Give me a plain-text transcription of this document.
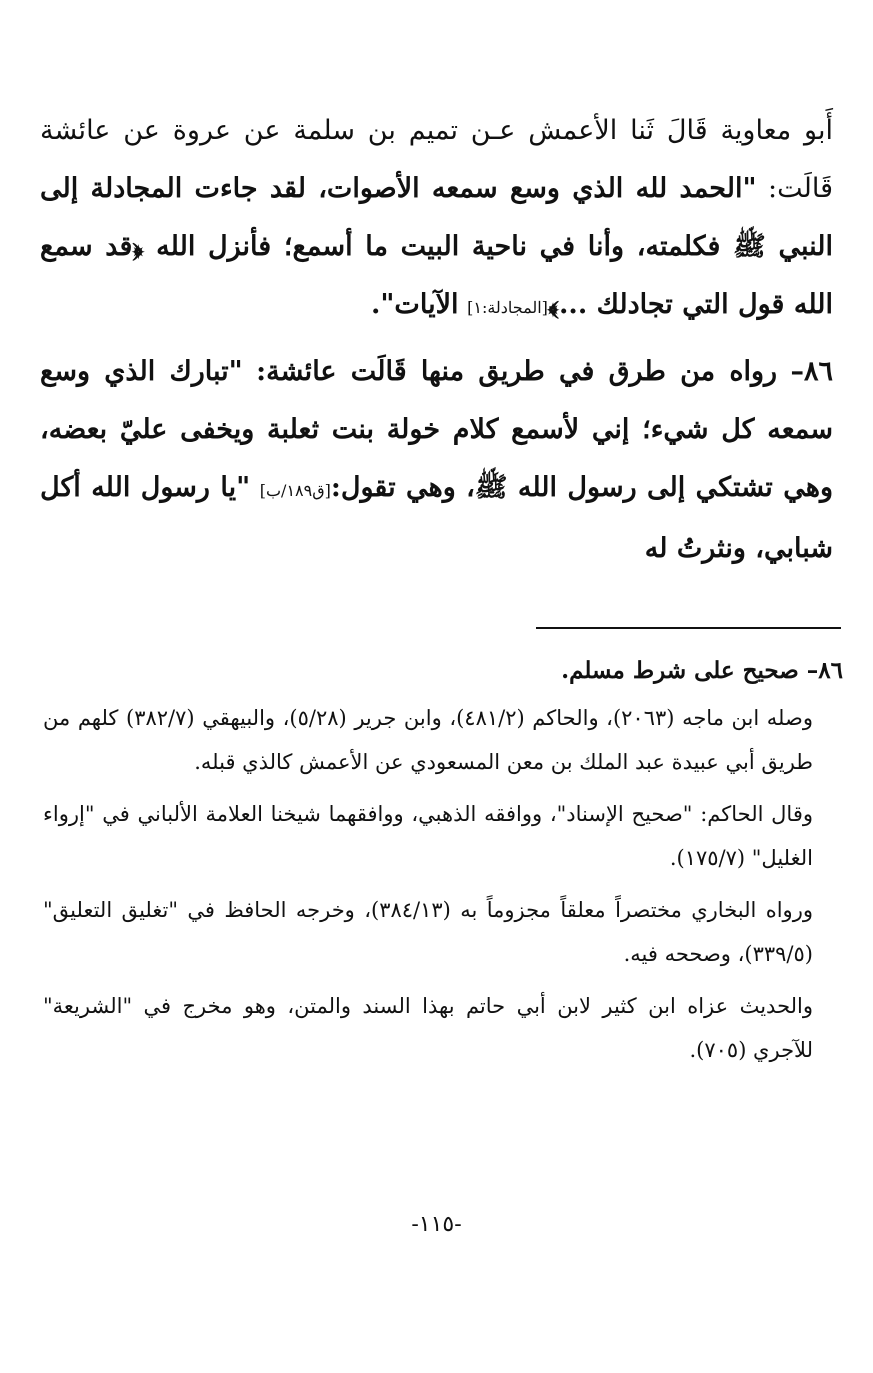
أَبو معاوية قَالَ ثَنا الأعمش عـن تميم بن سلمة عن عروة عن عائشة قَالَت: "الحمد لله الذي وسع سمعه الأصوات، لقد جاءت المجادلة إلى النبي ﷺ فكلمته، وأنا في ناحية البيت ما أسمع؛ فأنزل الله ﴿قد سمع الله قول التي تجادلك ...﴾[المجادلة:١] الآيات".

٨٦– رواه من طرق في طريق منها قَالَت عائشة: "تبارك الذي وسع سمعه كل شيء؛ إني لأسمع كلام خولة بنت ثعلبة ويخفى عليّ بعضه، وهي تشتكي إلى رسول الله ﷺ، وهي تقول:[ق١٨٩/ب] "يا رسول الله أكل شبابي، ونثرتُ له

٨٦– صحيح على شرط مسلم.

وصله ابن ماجه (٢٠٦٣)، والحاكم (٤٨١/٢)، وابن جرير (٥/٢٨)، والبيهقي (٣٨٢/٧) كلهم من طريق أبي عبيدة عبد الملك بن معن المسعودي عن الأعمش كالذي قبله.

وقال الحاكم: "صحيح الإسناد"، ووافقه الذهبي، ووافقهما شيخنا العلامة الألباني في "إرواء الغليل" (١٧٥/٧).

ورواه البخاري مختصراً معلقاً مجزوماً به (٣٨٤/١٣)، وخرجه الحافظ في "تغليق التعليق" (٣٣٩/٥)، وصححه فيه.

والحديث عزاه ابن كثير لابن أبي حاتم بهذا السند والمتن، وهو مخرج في "الشريعة" للآجري (٧٠٥).

-١١٥-
